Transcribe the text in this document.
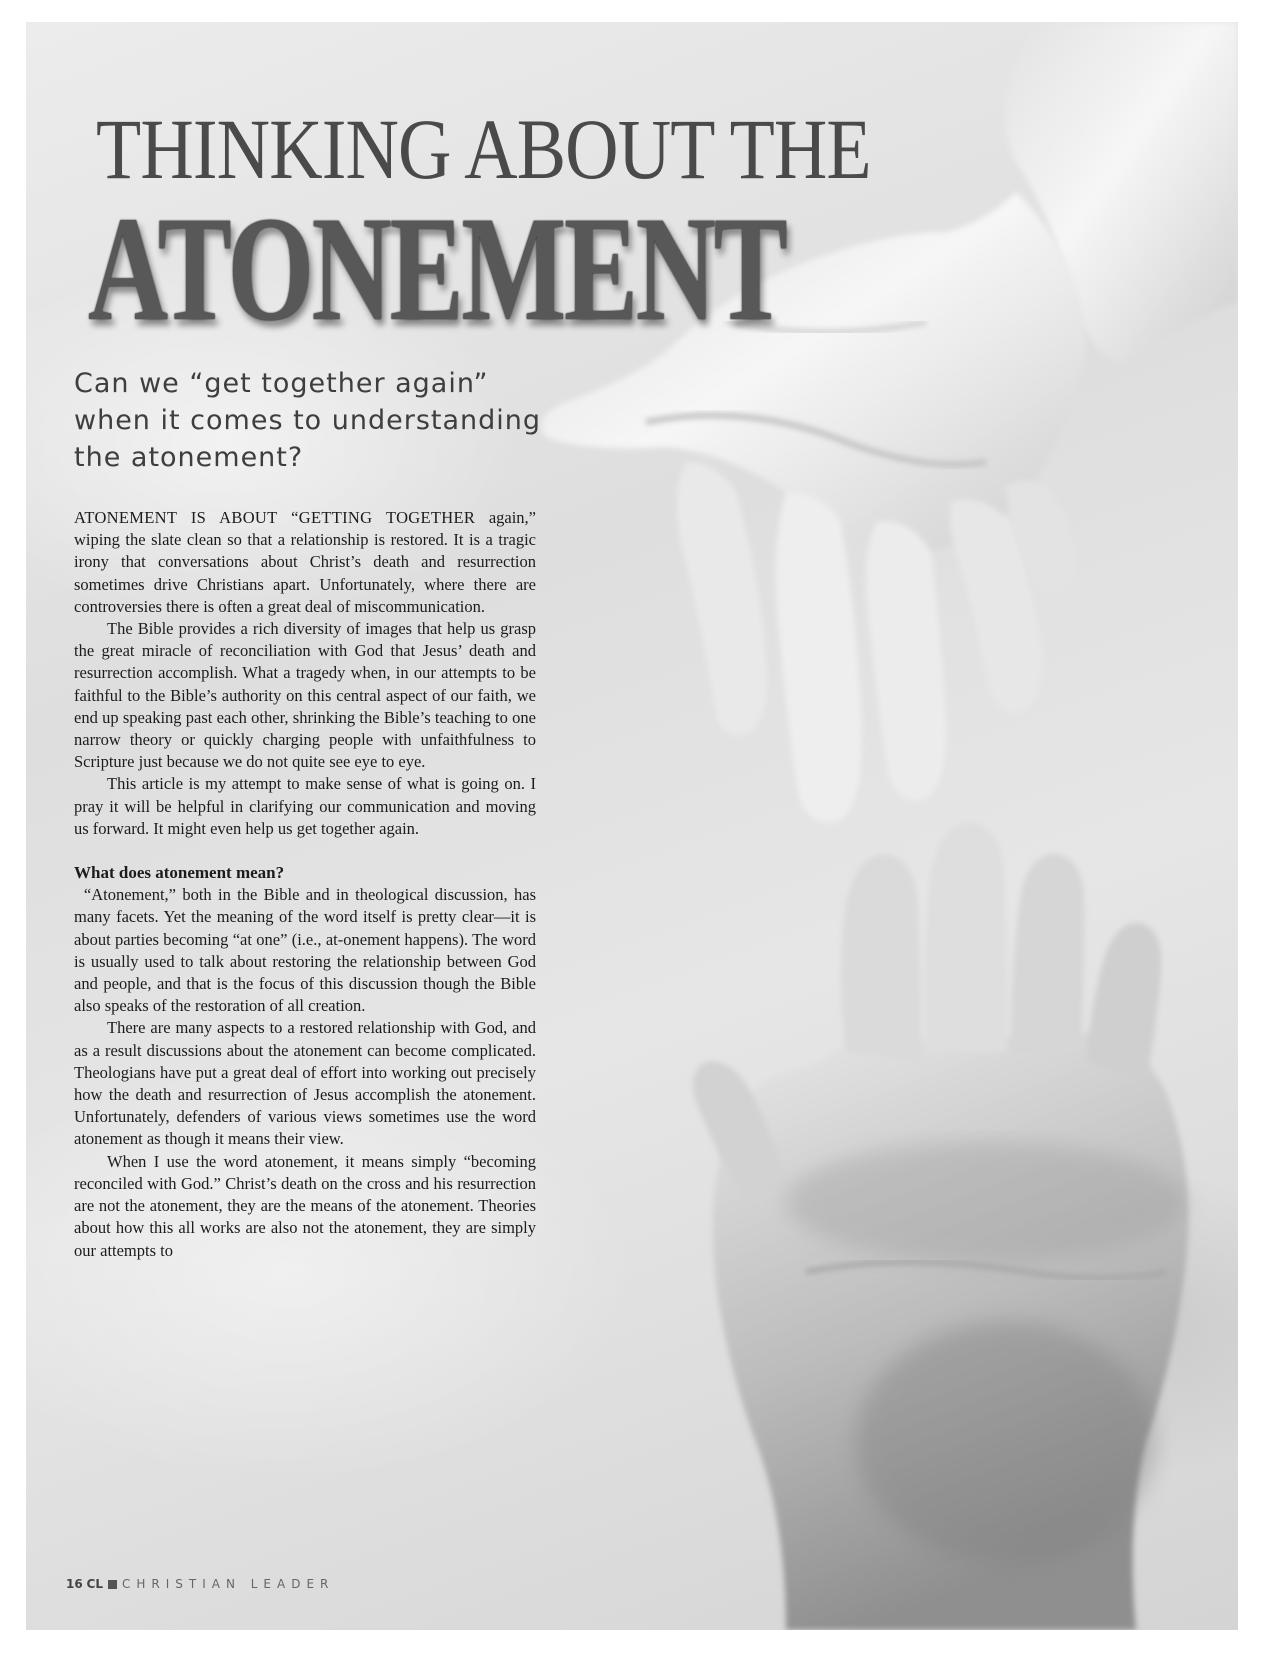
THINKING ABOUT THE
ATONEMENT
Can we “get together again” when it comes to understanding the atonement?

ATONEMENT IS ABOUT “GETTING TOGETHER again,” wiping the slate clean so that a relationship is restored. It is a tragic irony that conversations about Christ’s death and resurrection sometimes drive Christians apart. Unfortunately, where there are controversies there is often a great deal of miscommunication.

The Bible provides a rich diversity of images that help us grasp the great miracle of reconciliation with God that Jesus’ death and resurrection accomplish. What a tragedy when, in our attempts to be faithful to the Bible’s authority on this central aspect of our faith, we end up speaking past each other, shrinking the Bible’s teaching to one narrow theory or quickly charging people with unfaithfulness to Scripture just because we do not quite see eye to eye.

This article is my attempt to make sense of what is going on. I pray it will be helpful in clarifying our communication and moving us forward. It might even help us get together again.

What does atonement mean?

“Atonement,” both in the Bible and in theological discussion, has many facets. Yet the meaning of the word itself is pretty clear—it is about parties becoming “at one” (i.e., at-onement happens). The word is usually used to talk about restoring the relationship between God and people, and that is the focus of this discussion though the Bible also speaks of the restoration of all creation.

There are many aspects to a restored relationship with God, and as a result discussions about the atonement can become complicated. Theologians have put a great deal of effort into working out precisely how the death and resurrection of Jesus accomplish the atonement. Unfortunately, defenders of various views sometimes use the word atonement as though it means their view.

When I use the word atonement, it means simply “becoming reconciled with God.” Christ’s death on the cross and his resurrection are not the atonement, they are the means of the atonement. Theories about how this all works are also not the atonement, they are simply our attempts to

16 CL CHRISTIAN LEADER
